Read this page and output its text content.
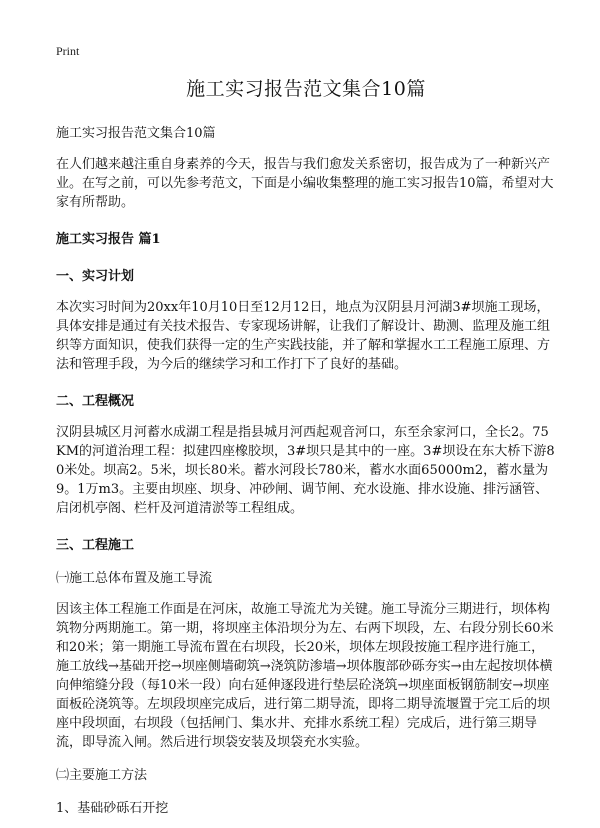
Print
施工实习报告范文集合10篇

施工实习报告范文集合10篇

在人们越来越注重自身素养的今天，报告与我们愈发关系密切，报告成为了一种新兴产业。在写之前，可以先参考范文，下面是小编收集整理的施工实习报告10篇，希望对大家有所帮助。

施工实习报告 篇1

一、实习计划

本次实习时间为20xx年10月10日至12月12日，地点为汉阴县月河湖3#坝施工现场，具体安排是通过有关技术报告、专家现场讲解，让我们了解设计、勘测、监理及施工组织等方面知识，使我们获得一定的生产实践技能，并了解和掌握水工工程施工原理、方法和管理手段，为今后的继续学习和工作打下了良好的基础。

二、工程概况

汉阴县城区月河蓄水成湖工程是指县城月河西起观音河口，东至余家河口，全长2。75KM的河道治理工程：拟建四座橡胶坝，3#坝只是其中的一座。3#坝设在东大桥下游80米处。坝高2。5米，坝长80米。蓄水河段长780米，蓄水水面65000m2，蓄水量为9。1万m3。主要由坝座、坝身、冲砂闸、调节闸、充水设施、排水设施、排污涵管、启闭机亭阁、栏杆及河道清淤等工程组成。

三、工程施工

㈠施工总体布置及施工导流

因该主体工程施工作面是在河床，故施工导流尤为关键。施工导流分三期进行，坝体构筑物分两期施工。第一期，将坝座主体沿坝分为左、右两下坝段，左、右段分别长60米和20米；第一期施工导流布置在右坝段，长20米，坝体左坝段按施工程序进行施工，施工放线→基础开挖→坝座侧墙砌筑→浇筑防渗墙→坝体腹部砂砾夯实→由左起按坝体横向伸缩缝分段（每10米一段）向右延伸逐段进行垫层砼浇筑→坝座面板钢筋制安→坝座面板砼浇筑等。左坝段坝座完成后，进行第二期导流，即将二期导流堰置于完工后的坝座中段坝面，右坝段（包括闸门、集水井、充排水系统工程）完成后，进行第三期导流，即导流入闸。然后进行坝袋安装及坝袋充水实验。

㈡主要施工方法

1、基础砂砾石开挖
